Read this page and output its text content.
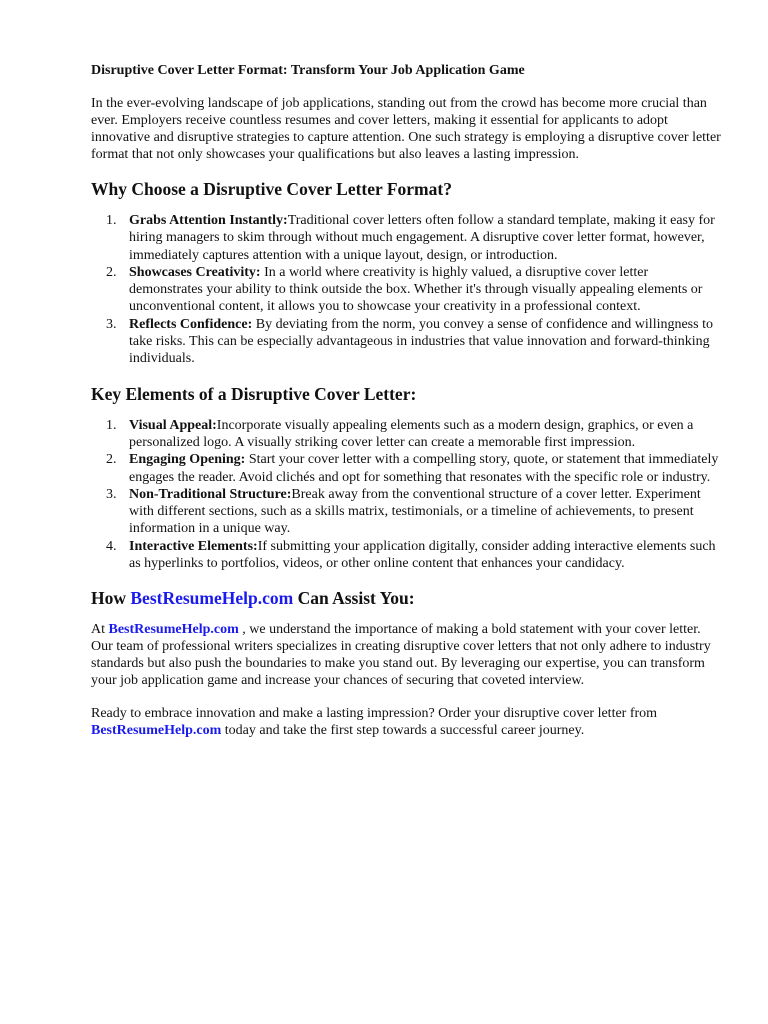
Disruptive Cover Letter Format: Transform Your Job Application Game

In the ever-evolving landscape of job applications, standing out from the crowd has become more crucial than ever. Employers receive countless resumes and cover letters, making it essential for applicants to adopt innovative and disruptive strategies to capture attention. One such strategy is employing a disruptive cover letter format that not only showcases your qualifications but also leaves a lasting impression.

Why Choose a Disruptive Cover Letter Format?
1. Grabs Attention Instantly:Traditional cover letters often follow a standard template, making it easy for hiring managers to skim through without much engagement. A disruptive cover letter format, however, immediately captures attention with a unique layout, design, or introduction.
2. Showcases Creativity: In a world where creativity is highly valued, a disruptive cover letter demonstrates your ability to think outside the box. Whether it's through visually appealing elements or unconventional content, it allows you to showcase your creativity in a professional context.
3. Reflects Confidence: By deviating from the norm, you convey a sense of confidence and willingness to take risks. This can be especially advantageous in industries that value innovation and forward-thinking individuals.
Key Elements of a Disruptive Cover Letter:
1. Visual Appeal:Incorporate visually appealing elements such as a modern design, graphics, or even a personalized logo. A visually striking cover letter can create a memorable first impression.
2. Engaging Opening: Start your cover letter with a compelling story, quote, or statement that immediately engages the reader. Avoid clichés and opt for something that resonates with the specific role or industry.
3. Non-Traditional Structure:Break away from the conventional structure of a cover letter. Experiment with different sections, such as a skills matrix, testimonials, or a timeline of achievements, to present information in a unique way.
4. Interactive Elements:If submitting your application digitally, consider adding interactive elements such as hyperlinks to portfolios, videos, or other online content that enhances your candidacy.
How BestResumeHelp.com Can Assist You:

At BestResumeHelp.com , we understand the importance of making a bold statement with your cover letter. Our team of professional writers specializes in creating disruptive cover letters that not only adhere to industry standards but also push the boundaries to make you stand out. By leveraging our expertise, you can transform your job application game and increase your chances of securing that coveted interview.

Ready to embrace innovation and make a lasting impression? Order your disruptive cover letter from BestResumeHelp.com today and take the first step towards a successful career journey.
